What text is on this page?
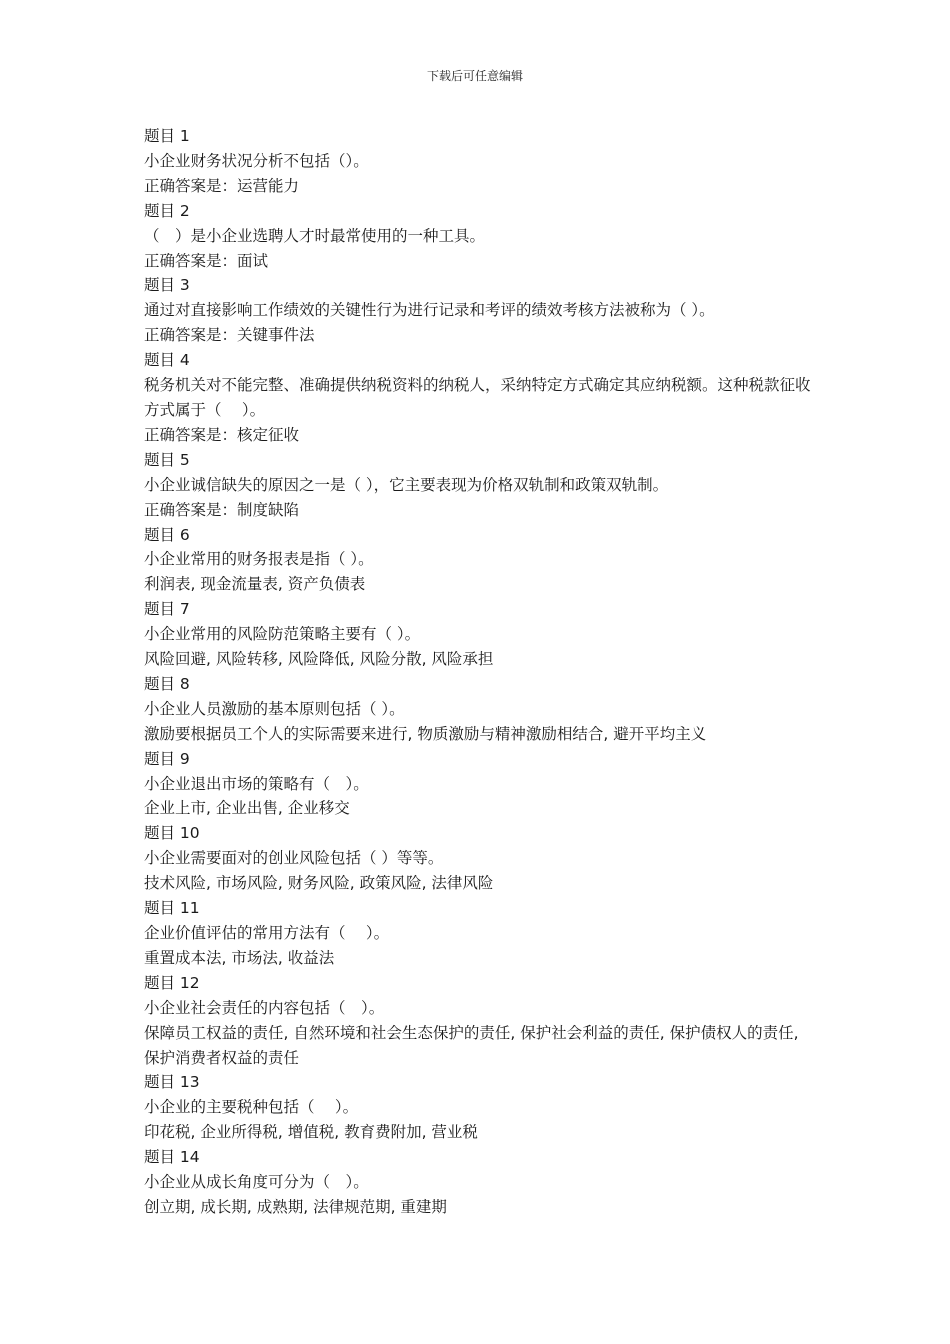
下载后可任意编辑
题目 1
小企业财务状况分析不包括（）。
正确答案是：运营能力
题目 2
（　）是小企业选聘人才时最常使用的一种工具。
正确答案是：面试
题目 3
通过对直接影响工作绩效的关键性行为进行记录和考评的绩效考核方法被称为（ ）。
正确答案是：关键事件法
题目 4
税务机关对不能完整、准确提供纳税资料的纳税人，采纳特定方式确定其应纳税额。这种税款征收方式属于（　 ）。
正确答案是：核定征收
题目 5
小企业诚信缺失的原因之一是（ ），它主要表现为价格双轨制和政策双轨制。
正确答案是：制度缺陷
题目 6
小企业常用的财务报表是指（ ）。
利润表, 现金流量表, 资产负债表
题目 7
小企业常用的风险防范策略主要有（ ）。
风险回避, 风险转移, 风险降低, 风险分散, 风险承担
题目 8
小企业人员激励的基本原则包括（ ）。
激励要根据员工个人的实际需要来进行, 物质激励与精神激励相结合, 避开平均主义
题目 9
小企业退出市场的策略有（　）。
企业上市, 企业出售, 企业移交
题目 10
小企业需要面对的创业风险包括（ ）等等。
技术风险, 市场风险, 财务风险, 政策风险, 法律风险
题目 11
企业价值评估的常用方法有（　 ）。
重置成本法, 市场法, 收益法
题目 12
小企业社会责任的内容包括（　）。
保障员工权益的责任, 自然环境和社会生态保护的责任, 保护社会利益的责任, 保护债权人的责任, 保护消费者权益的责任
题目 13
小企业的主要税种包括（　 ）。
印花税, 企业所得税, 增值税, 教育费附加, 营业税
题目 14
小企业从成长角度可分为（　）。
创立期, 成长期, 成熟期, 法律规范期, 重建期
